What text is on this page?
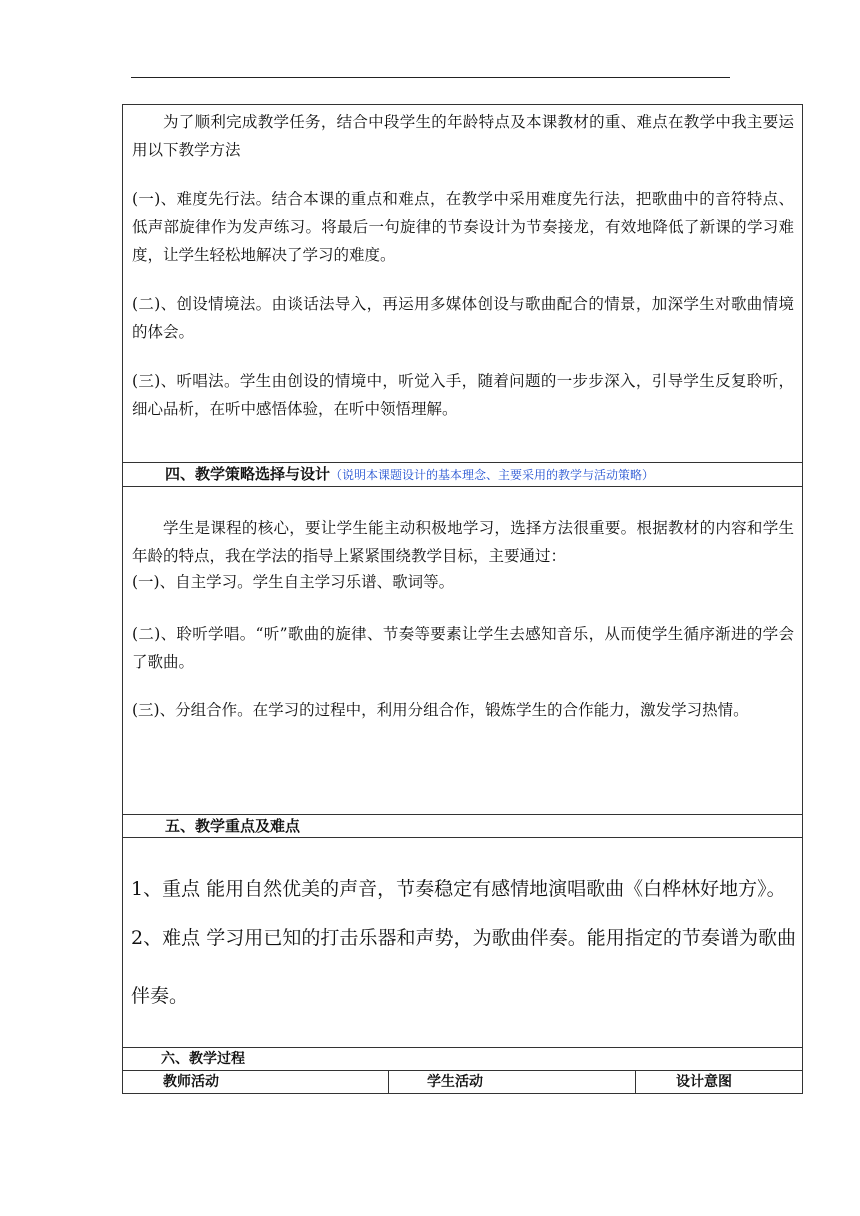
为了顺利完成教学任务，结合中段学生的年龄特点及本课教材的重、难点在教学中我主要运用以下教学方法
(一)、难度先行法。结合本课的重点和难点，在教学中采用难度先行法，把歌曲中的音符特点、低声部旋律作为发声练习。将最后一句旋律的节奏设计为节奏接龙，有效地降低了新课的学习难度，让学生轻松地解决了学习的难度。
(二)、创设情境法。由谈话法导入，再运用多媒体创设与歌曲配合的情景，加深学生对歌曲情境的体会。
(三)、听唱法。学生由创设的情境中，听觉入手，随着问题的一步步深入，引导学生反复聆听，细心品析，在听中感悟体验，在听中领悟理解。
四、教学策略选择与设计（说明本课题设计的基本理念、主要采用的教学与活动策略）
学生是课程的核心，要让学生能主动积极地学习，选择方法很重要。根据教材的内容和学生年龄的特点，我在学法的指导上紧紧围绕教学目标，主要通过：
(一)、自主学习。学生自主学习乐谱、歌词等。
(二)、聆听学唱。“听”歌曲的旋律、节奏等要素让学生去感知音乐，从而使学生循序渐进的学会了歌曲。
(三)、分组合作。在学习的过程中，利用分组合作，锻炼学生的合作能力，激发学习热情。
五、教学重点及难点
1、重点 能用自然优美的声音，节奏稳定有感情地演唱歌曲《白桦林好地方》。
2、难点 学习用已知的打击乐器和声势，为歌曲伴奏。能用指定的节奏谱为歌曲伴奏。
六、教学过程
教师活动	学生活动	设计意图
